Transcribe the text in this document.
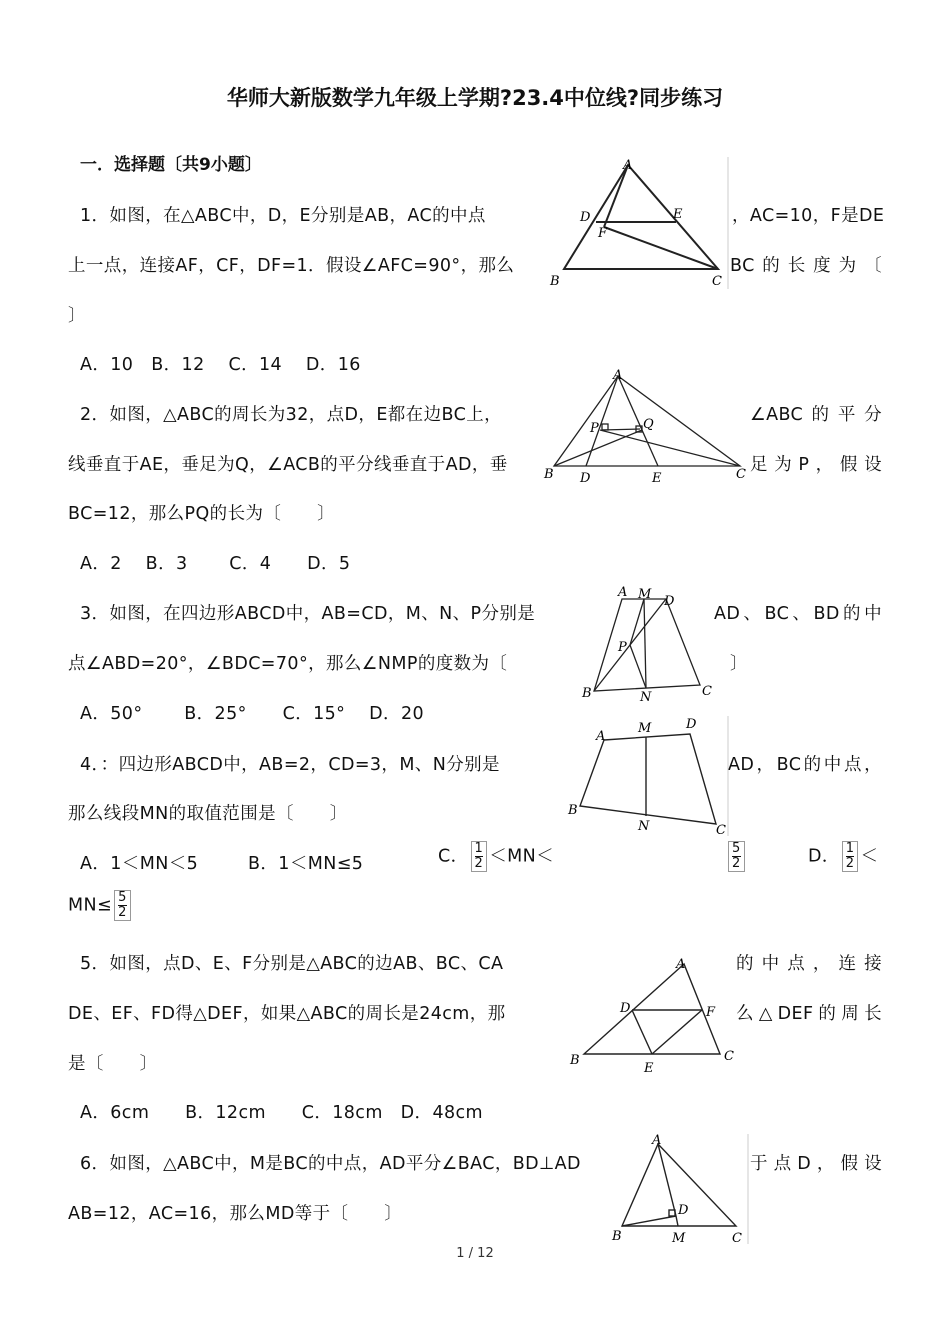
华师大新版数学九年级上学期?23.4中位线?同步练习
一．选择题〔共9小题〕
1．如图，在△ABC中，D，E分别是AB，AC的中点	，AC=10，F是DE
上一点，连接AF，CF，DF=1．假设∠AFC=90°，那么	BC的长度为〔
〕
A．10　B．12　 C．14　 D．16
A
D	E
F
B	C
2．如图，△ABC的周长为32，点D，E都在边BC上，	∠ABC的平分
线垂直于AE，垂足为Q，∠ACB的平分线垂直于AD，垂	足为P，假设
BC=12，那么PQ的长为〔　　〕
A．2　 B．3　　 C．4　　D．5
A
P	Q
B D	E	C
3．如图，在四边形ABCD中，AB=CD，M、N、P分别是	AD、BC、BD的中
点∠ABD=20°，∠BDC=70°，那么∠NMP的度数为〔	〕
A．50°　　 B．25°　　C．15°　 D．20
A M D
P
B	N	C
4．：四边形ABCD中，AB=2，CD=3，M、N分别是	AD，BC的中点，
那么线段MN的取值范围是〔　　〕
A．1＜MN＜5	B．1＜MN≤5	C． $\frac{1}{2} <MN<$	$\frac{5}{2}$	D． $\frac{1}{2}$ ＜
$MN\le \frac{5}{2}$
A
M	D
B
N	C
5．如图，点D、E、F分别是△ABC的边AB、BC、CA	的中点，连接
DE、EF、FD得△DEF，如果△ABC的周长是24cm，那	么△DEF的周长
是〔　　〕
A．6cm　　B．12cm　　C．18cm　D．48cm
A
D	F
B
E
C
6．如图，△ABC中，M是BC的中点，AD平分∠BAC，BD⊥AD	于点D，假设
AB=12，AC=16，那么MD等于〔　　〕
A
D
B	M	C
1 / 12
